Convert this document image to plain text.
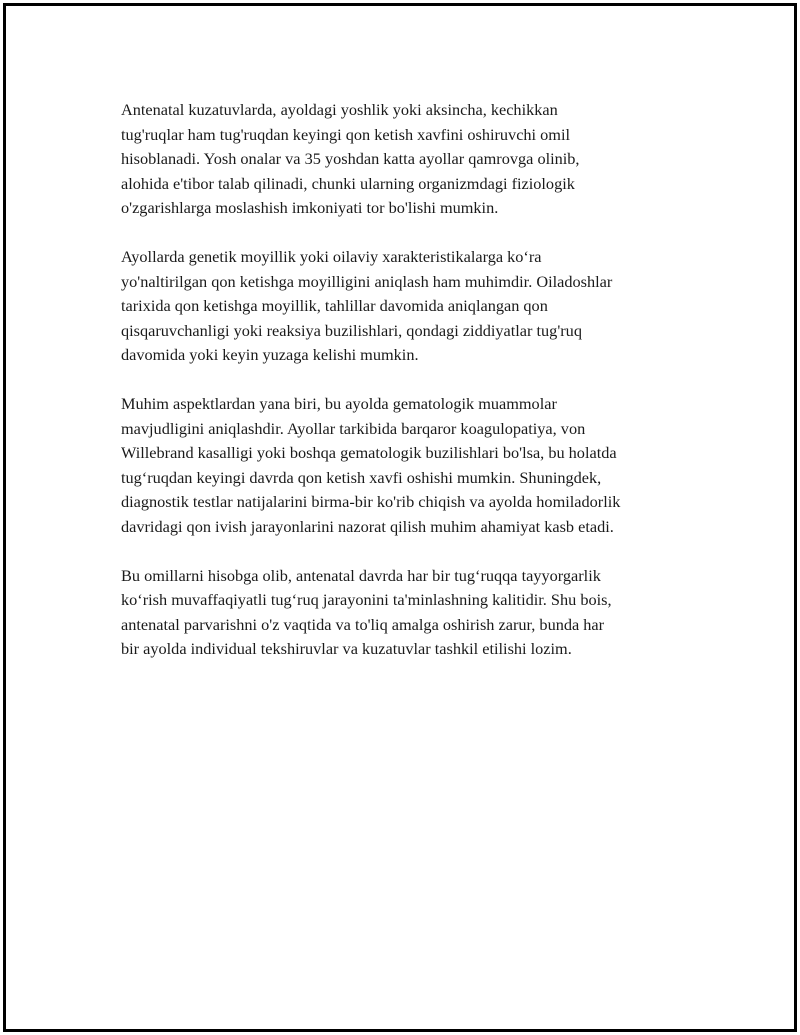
Antenatal kuzatuvlarda, ayoldagi yoshlik yoki aksincha, kechikkan
tug'ruqlar ham tug'ruqdan keyingi qon ketish xavfini oshiruvchi omil
hisoblanadi. Yosh onalar va 35 yoshdan katta ayollar qamrovga olinib,
alohida e'tibor talab qilinadi, chunki ularning organizmdagi fiziologik
o'zgarishlarga moslashish imkoniyati tor bo'lishi mumkin.

Ayollarda genetik moyillik yoki oilaviy xarakteristikalarga ko‘ra
yo'naltirilgan qon ketishga moyilligini aniqlash ham muhimdir. Oiladoshlar
tarixida qon ketishga moyillik, tahlillar davomida aniqlangan qon
qisqaruvchanligi yoki reaksiya buzilishlari, qondagi ziddiyatlar tug'ruq
davomida yoki keyin yuzaga kelishi mumkin.

Muhim aspektlardan yana biri, bu ayolda gematologik muammolar
mavjudligini aniqlashdir. Ayollar tarkibida barqaror koagulopatiya, von
Willebrand kasalligi yoki boshqa gematologik buzilishlari bo'lsa, bu holatda
tug‘ruqdan keyingi davrda qon ketish xavfi oshishi mumkin. Shuningdek,
diagnostik testlar natijalarini birma-bir ko'rib chiqish va ayolda homiladorlik
davridagi qon ivish jarayonlarini nazorat qilish muhim ahamiyat kasb etadi.

Bu omillarni hisobga olib, antenatal davrda har bir tug‘ruqqa tayyorgarlik
ko‘rish muvaffaqiyatli tug‘ruq jarayonini ta'minlashning kalitidir. Shu bois,
antenatal parvarishni o'z vaqtida va to'liq amalga oshirish zarur, bunda har
bir ayolda individual tekshiruvlar va kuzatuvlar tashkil etilishi lozim.
